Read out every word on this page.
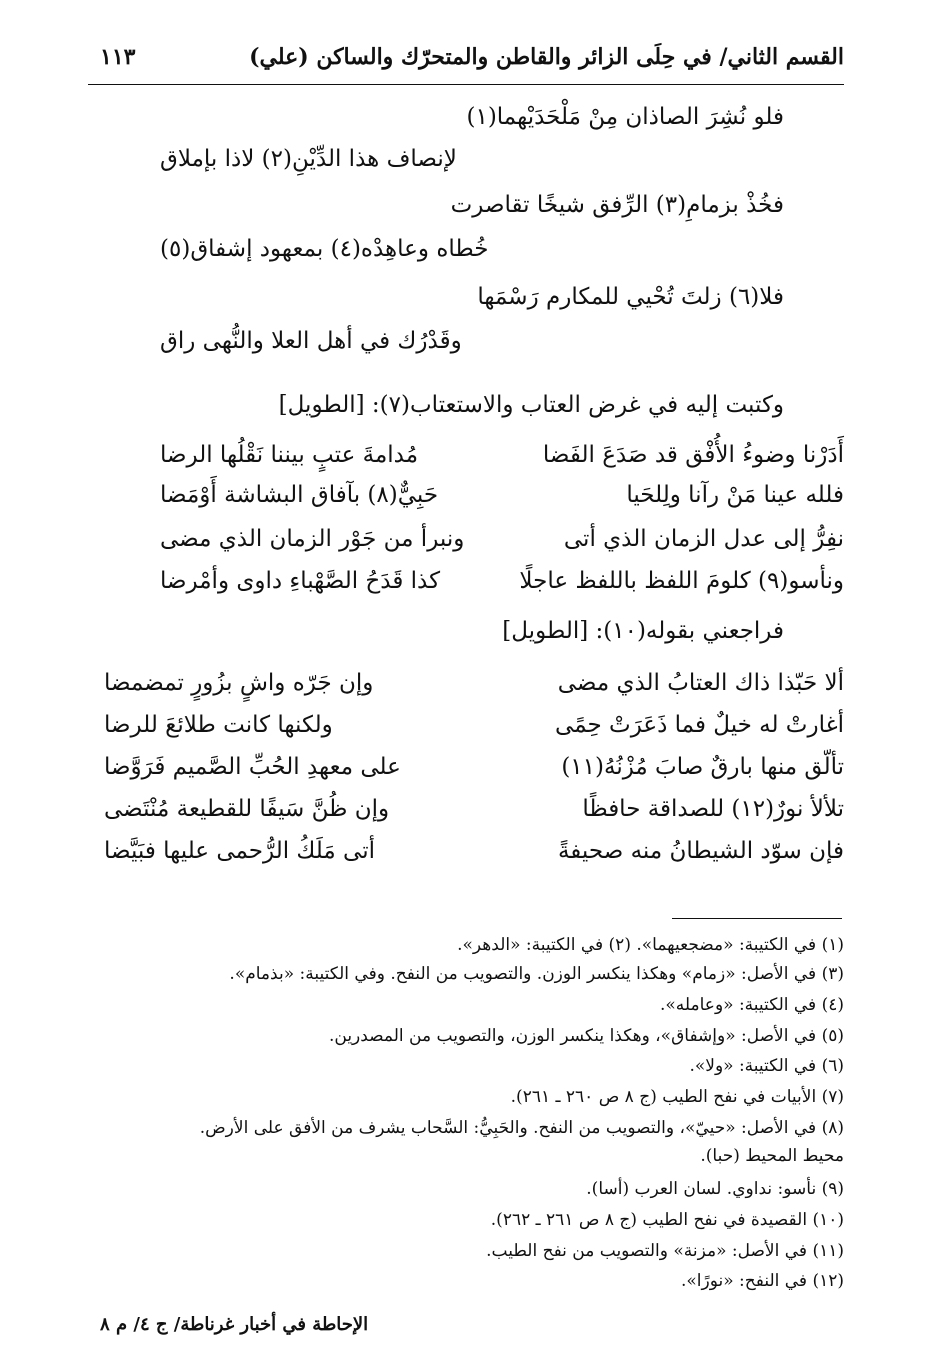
القسم الثاني/ في حِلَى الزائر والقاطن والمتحرّك والساكن (علي)
١١٣
فلو نُشِرَ الصاذان مِنْ مَلْحَدَيْهما(١)
لإنصاف هذا الدِّيْنِ(٢) لاذا بإملاق
فخُذْ بزمامِ(٣) الرِّفق شيخًا تقاصرت
خُطاه وعاهِدْه(٤) بمعهود إشفاق(٥)
فلا(٦) زلتَ تُحْيي للمكارم رَسْمَها
وقَدْرُك في أهل العلا والنُّهى راق
وكتبت إليه في غرض العتاب والاستعتاب(٧): [الطويل]
أَدَرْنا وضوءُ الأُفْق قد صَدَعَ الفَضا
مُدامةَ عتبٍ بيننا نَقْلُها الرضا
فلله عينا مَنْ رآنا ولِلحَيا
حَبِيٌّ(٨) بآفاق البشاشة أَوْمَضا
نفِرُّ إلى عدل الزمان الذي أتى
ونبرأ من جَوْر الزمان الذي مضى
ونأسو(٩) كلومَ اللفظ باللفظ عاجلًا
كذا قَدَحُ الصَّهْباءِ داوى وأمْرضا
فراجعني بقوله(١٠): [الطويل]
ألا حَبّذا ذاك العتابُ الذي مضى
وإن جَرّه واشٍ بزُورٍ تمضمضا
أغارتْ له خيلٌ فما ذَعَرَتْ حِمًى
ولكنها كانت طلائعَ للرضا
تألّق منها بارقٌ صابَ مُزْنُهُ(١١)
على معهدِ الحُبِّ الصَّميم فَرَوَّضا
تلألأ نورٌ(١٢) للصداقة حافظًا
وإن ظُنَّ سَيفًا للقطيعة مُنْتَضى
فإن سوّد الشيطانُ منه صحيفةً
أتى مَلَكُ الرُّحمى عليها فبَيَّضا
(١) في الكتيبة: «مضجعيهما». (٢) في الكتيبة: «الدهر».
(٣) في الأصل: «زمام» وهكذا ينكسر الوزن. والتصويب من النفح. وفي الكتيبة: «بذمام».
(٤) في الكتيبة: «وعامله».
(٥) في الأصل: «وإشفاق»، وهكذا ينكسر الوزن، والتصويب من المصدرين.
(٦) في الكتيبة: «ولا».
(٧) الأبيات في نفح الطيب (ج ٨ ص ٢٦٠ ـ ٢٦١).
(٨) في الأصل: «حييّ»، والتصويب من النفح. والحَبِيُّ: السَّحاب يشرف من الأفق على الأرض.
محيط المحيط (حبا).
(٩) نأسو: نداوي. لسان العرب (أسا).
(١٠) القصيدة في نفح الطيب (ج ٨ ص ٢٦١ ـ ٢٦٢).
(١١) في الأصل: «مزنة» والتصويب من نفح الطيب.
(١٢) في النفح: «نورًا».
الإحاطة في أخبار غرناطة/ ج ٤/ م ٨
